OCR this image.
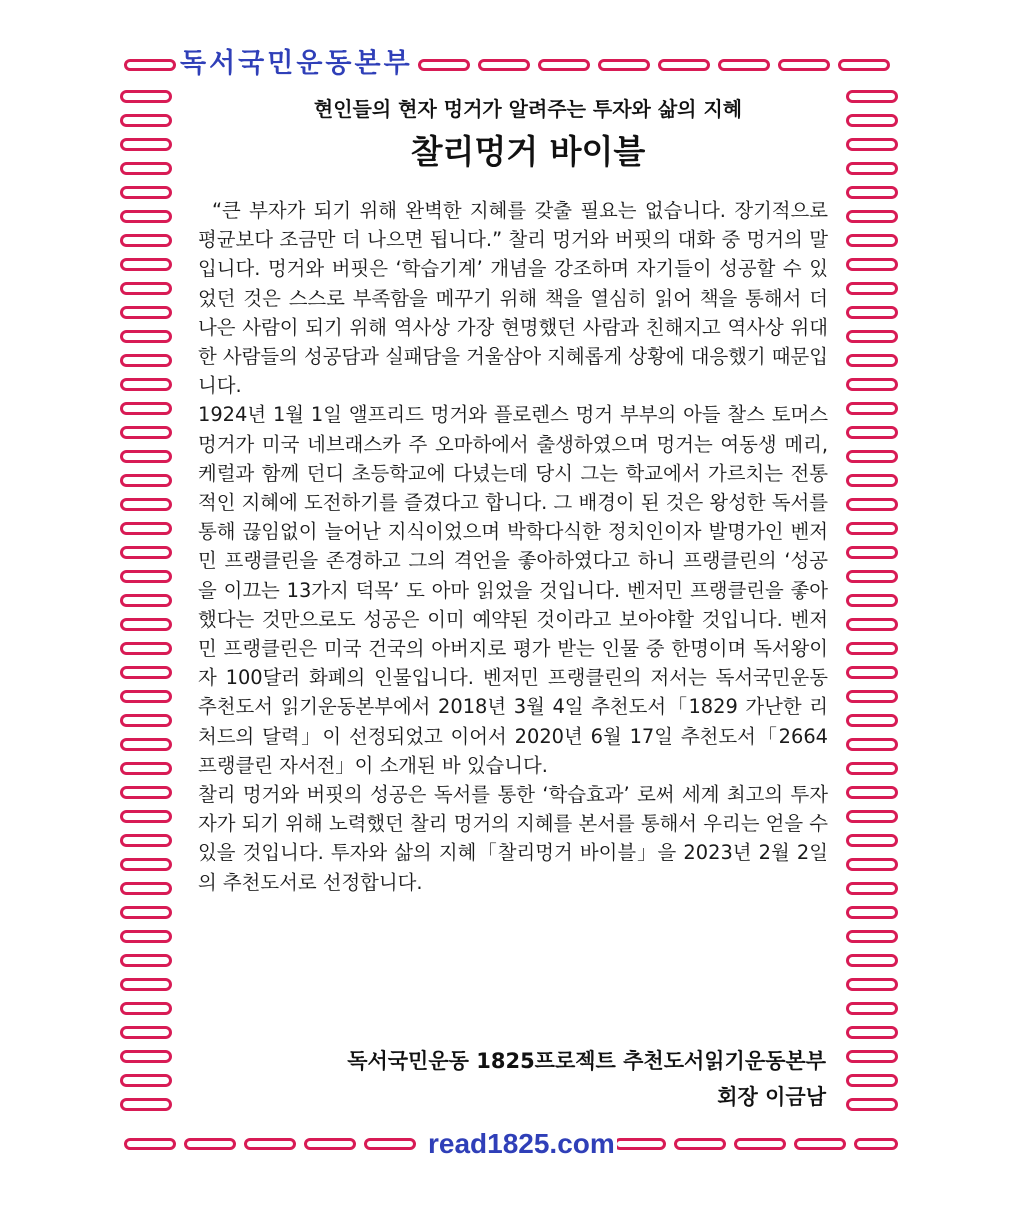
독서국민운동본부
read1825.com
현인들의 현자 멍거가 알려주는 투자와 삶의 지혜
찰리멍거 바이블

“큰 부자가 되기 위해 완벽한 지혜를 갖출 필요는 없습니다. 장기적으로 평균보다 조금만 더 나으면 됩니다.” 찰리 멍거와 버핏의 대화 중 멍거의 말입니다. 멍거와 버핏은 ‘학습기계’ 개념을 강조하며 자기들이 성공할 수 있었던 것은 스스로 부족함을 메꾸기 위해 책을 열심히 읽어 책을 통해서 더 나은 사람이 되기 위해 역사상 가장 현명했던 사람과 친해지고 역사상 위대한 사람들의 성공담과 실패담을 거울삼아 지혜롭게 상황에 대응했기 때문입니다.

1924년 1월 1일 앨프리드 멍거와 플로렌스 멍거 부부의 아들 찰스 토머스 멍거가 미국 네브래스카 주 오마하에서 출생하였으며 멍거는 여동생 메리, 케럴과 함께 던디 초등학교에 다녔는데 당시 그는 학교에서 가르치는 전통적인 지혜에 도전하기를 즐겼다고 합니다. 그 배경이 된 것은 왕성한 독서를 통해 끊임없이 늘어난 지식이었으며 박학다식한 정치인이자 발명가인 벤저민 프랭클린을 존경하고 그의 격언을 좋아하였다고 하니 프랭클린의 ‘성공을 이끄는 13가지 덕목’ 도 아마 읽었을 것입니다. 벤저민 프랭클린을 좋아했다는 것만으로도 성공은 이미 예약된 것이라고 보아야할 것입니다. 벤저민 프랭클린은 미국 건국의 아버지로 평가 받는 인물 중 한명이며 독서왕이자 100달러 화폐의 인물입니다. 벤저민 프랭클린의 저서는 독서국민운동 추천도서 읽기운동본부에서 2018년 3월 4일 추천도서「1829 가난한 리처드의 달력」이 선정되었고 이어서 2020년 6월 17일 추천도서「2664 프랭클린 자서전」이 소개된 바 있습니다.

찰리 멍거와 버핏의 성공은 독서를 통한 ‘학습효과’ 로써 세계 최고의 투자자가 되기 위해 노력했던 찰리 멍거의 지혜를 본서를 통해서 우리는 얻을 수 있을 것입니다. 투자와 삶의 지혜「찰리멍거 바이블」을 2023년 2월 2일의 추천도서로 선정합니다.

독서국민운동 1825프로젝트 추천도서읽기운동본부
회장 이금남
